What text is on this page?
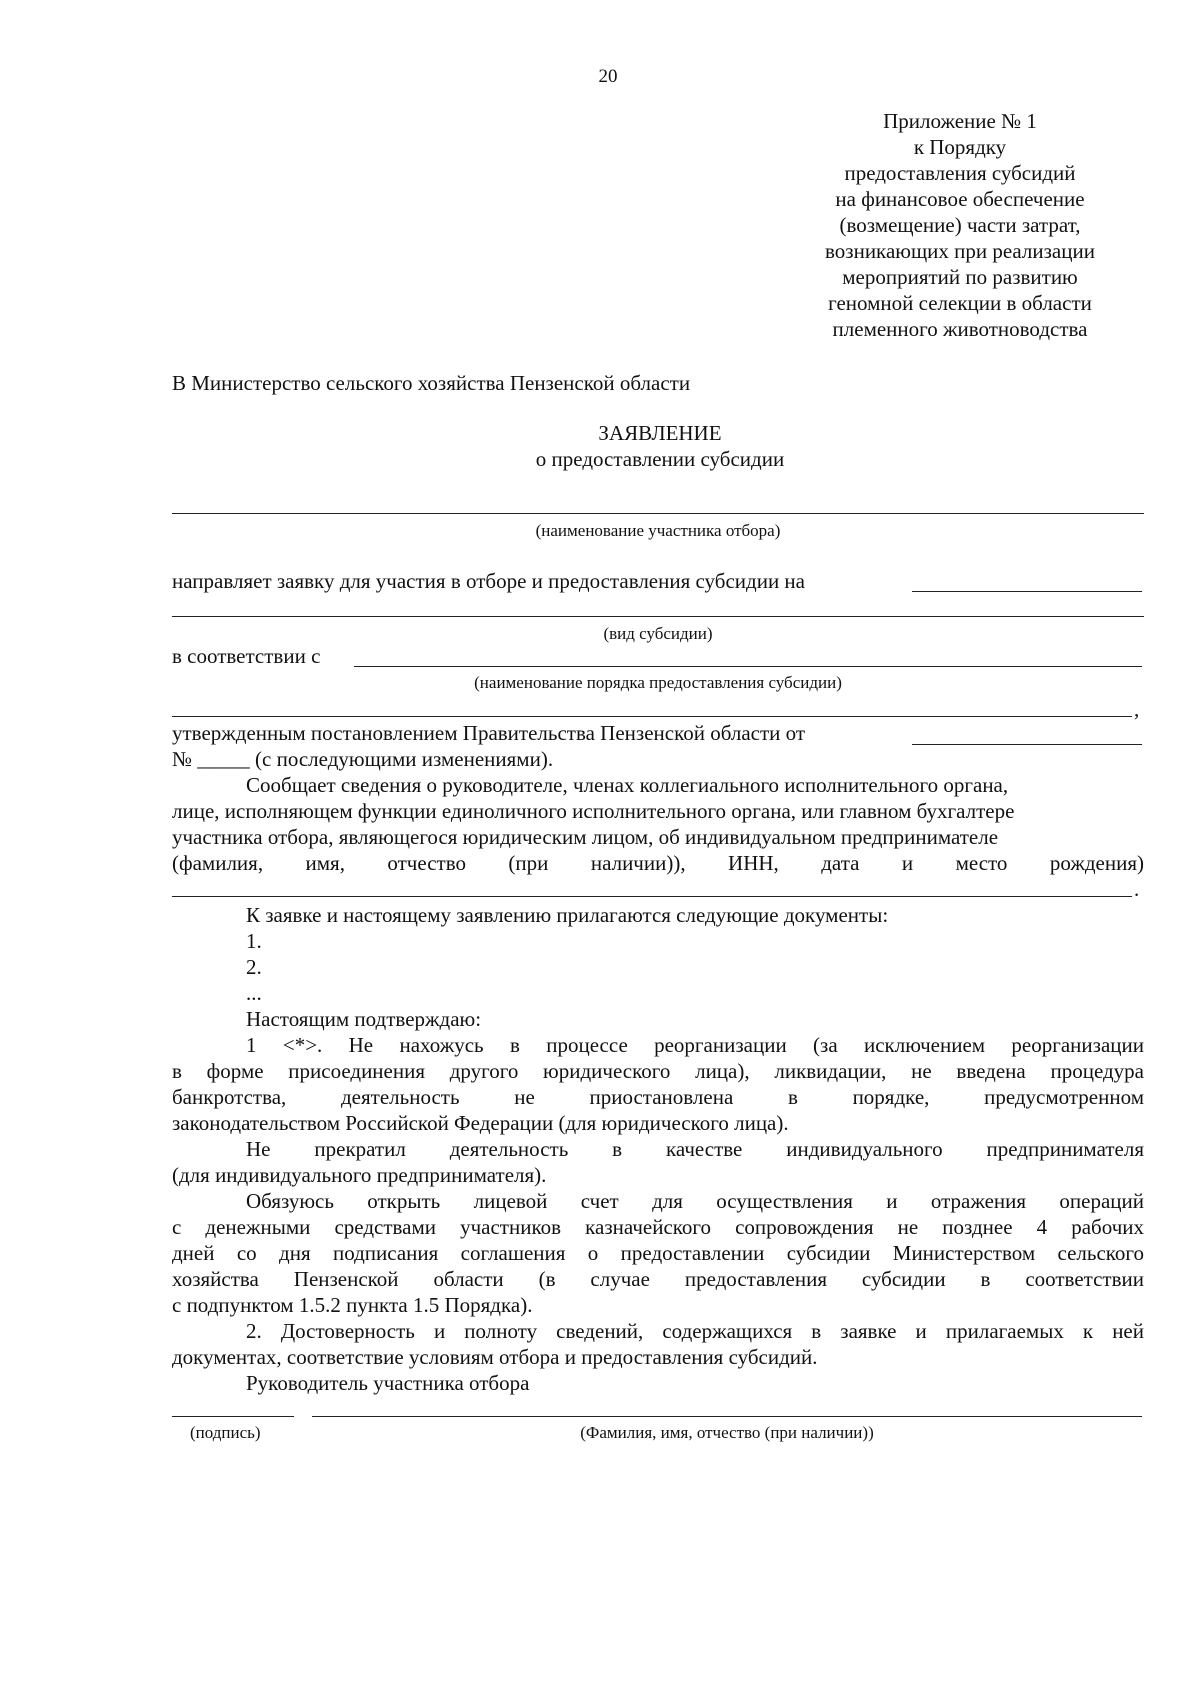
20
Приложение № 1
к Порядку
предоставления субсидий
на финансовое обеспечение
(возмещение) части затрат,
возникающих при реализации
мероприятий по развитию
геномной селекции в области
племенного животноводства
В Министерство сельского хозяйства Пензенской области
ЗАЯВЛЕНИЕ
о предоставлении субсидии
(наименование участника отбора)
направляет заявку для участия в отборе и предоставления субсидии на
(вид субсидии)
в соответствии с
(наименование порядка предоставления субсидии)
,
утвержденным постановлением Правительства Пензенской области от
№ _____ (с последующими изменениями).
Сообщает сведения о руководителе, членах коллегиального исполнительного органа,
лице, исполняющем функции единоличного исполнительного органа, или главном бухгалтере
участника отбора, являющегося юридическим лицом, об индивидуальном предпринимателе
(фамилия, имя, отчество (при наличии)), ИНН, дата и место рождения)
.
К заявке и настоящему заявлению прилагаются следующие документы:
1.
2.
...
Настоящим подтверждаю:
1 <*>. Не нахожусь в процессе реорганизации (за исключением реорганизации
в форме присоединения другого юридического лица), ликвидации, не введена процедура
банкротства, деятельность не приостановлена в порядке, предусмотренном
законодательством Российской Федерации (для юридического лица).
Не прекратил деятельность в качестве индивидуального предпринимателя
(для индивидуального предпринимателя).
Обязуюсь открыть лицевой счет для осуществления и отражения операций
с денежными средствами участников казначейского сопровождения не позднее 4 рабочих
дней со дня подписания соглашения о предоставлении субсидии Министерством сельского
хозяйства Пензенской области (в случае предоставления субсидии в соответствии
с подпунктом 1.5.2 пункта 1.5 Порядка).
2. Достоверность и полноту сведений, содержащихся в заявке и прилагаемых к ней
документах, соответствие условиям отбора и предоставления субсидий.
Руководитель участника отбора
(подпись)	(Фамилия, имя, отчество (при наличии))
